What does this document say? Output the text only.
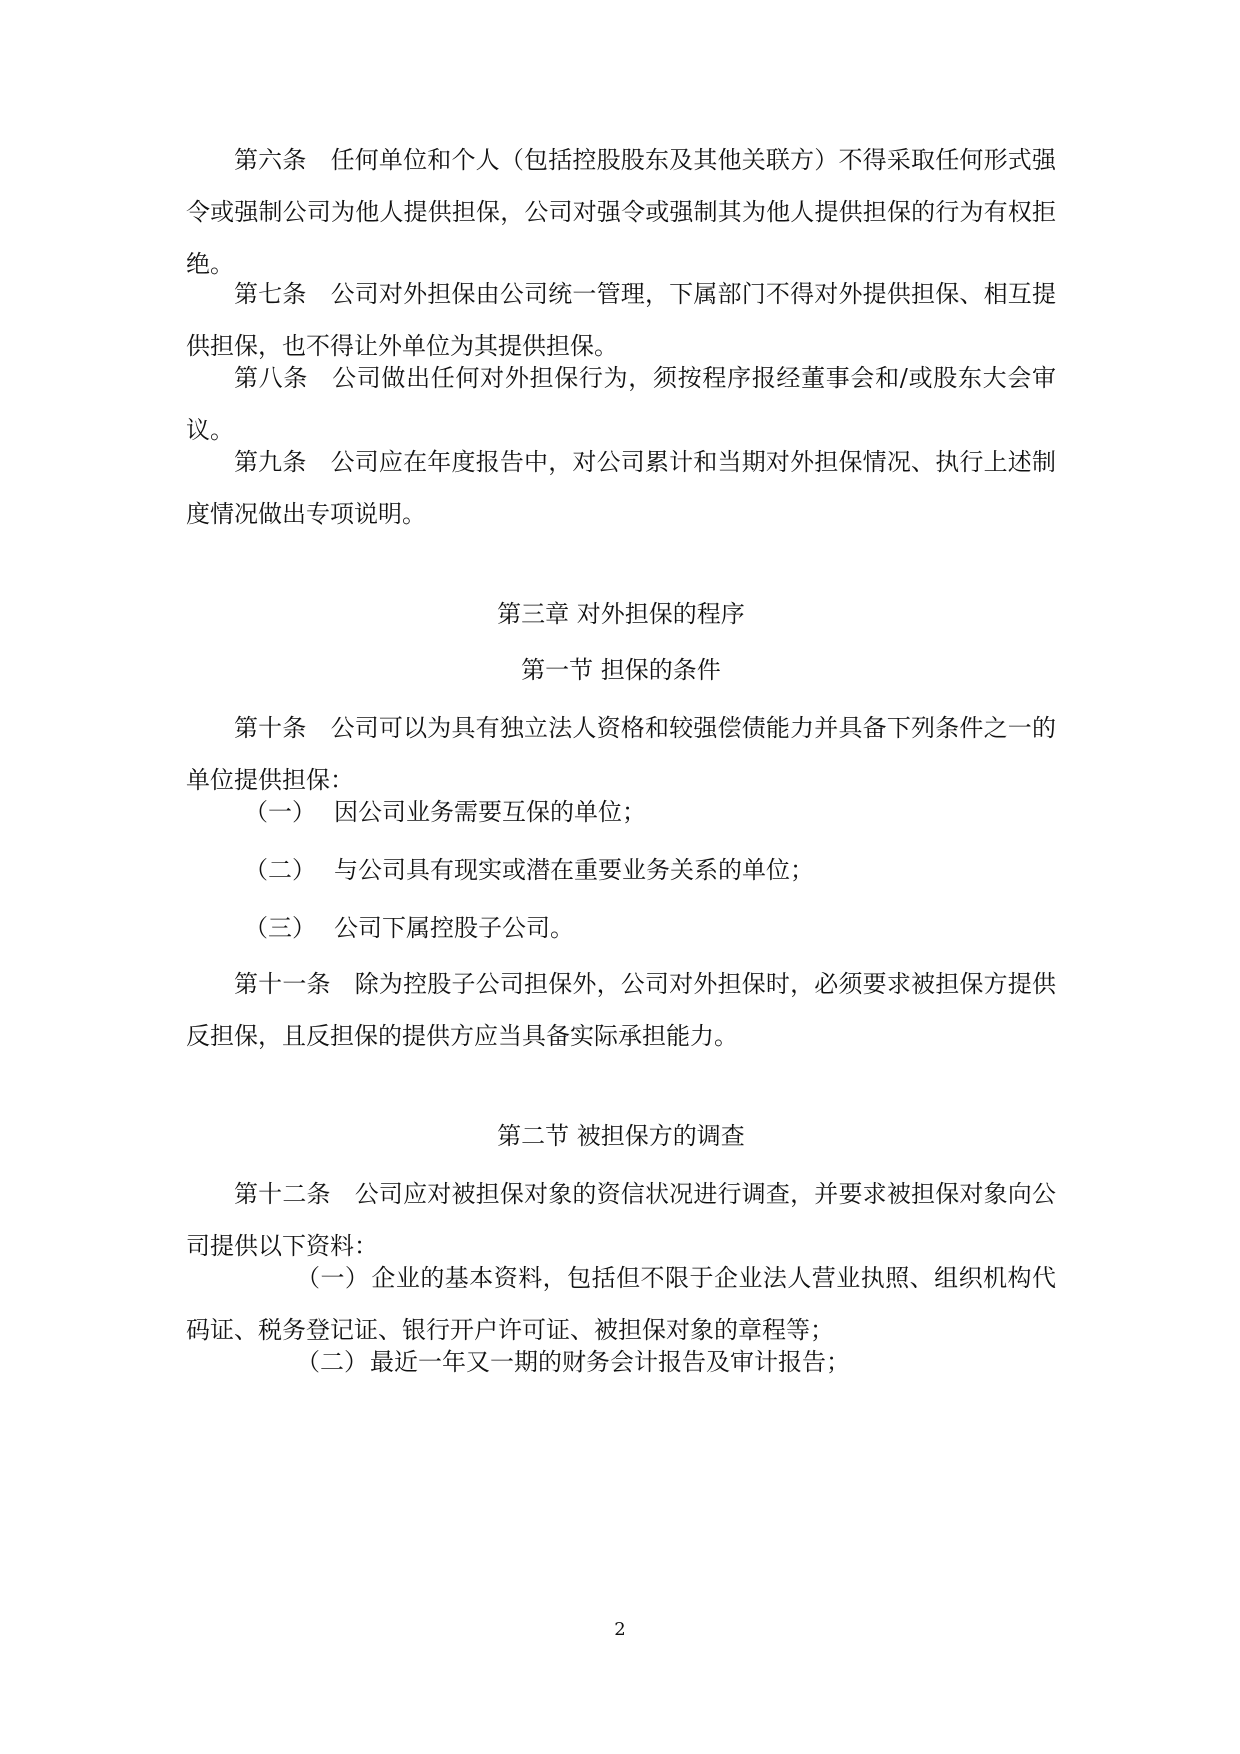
第六条 任何单位和个人（包括控股股东及其他关联方）不得采取任何形式强令或强制公司为他人提供担保，公司对强令或强制其为他人提供担保的行为有权拒绝。

第七条 公司对外担保由公司统一管理，下属部门不得对外提供担保、相互提供担保，也不得让外单位为其提供担保。

第八条 公司做出任何对外担保行为，须按程序报经董事会和/或股东大会审议。

第九条 公司应在年度报告中，对公司累计和当期对外担保情况、执行上述制度情况做出专项说明。

第三章 对外担保的程序

第一节 担保的条件

第十条 公司可以为具有独立法人资格和较强偿债能力并具备下列条件之一的单位提供担保：

（一） 因公司业务需要互保的单位；

（二） 与公司具有现实或潜在重要业务关系的单位；

（三） 公司下属控股子公司。

第十一条 除为控股子公司担保外，公司对外担保时，必须要求被担保方提供反担保，且反担保的提供方应当具备实际承担能力。

第二节 被担保方的调查

第十二条 公司应对被担保对象的资信状况进行调查，并要求被担保对象向公司提供以下资料：

（一）企业的基本资料，包括但不限于企业法人营业执照、组织机构代码证、税务登记证、银行开户许可证、被担保对象的章程等；

（二）最近一年又一期的财务会计报告及审计报告；

2
